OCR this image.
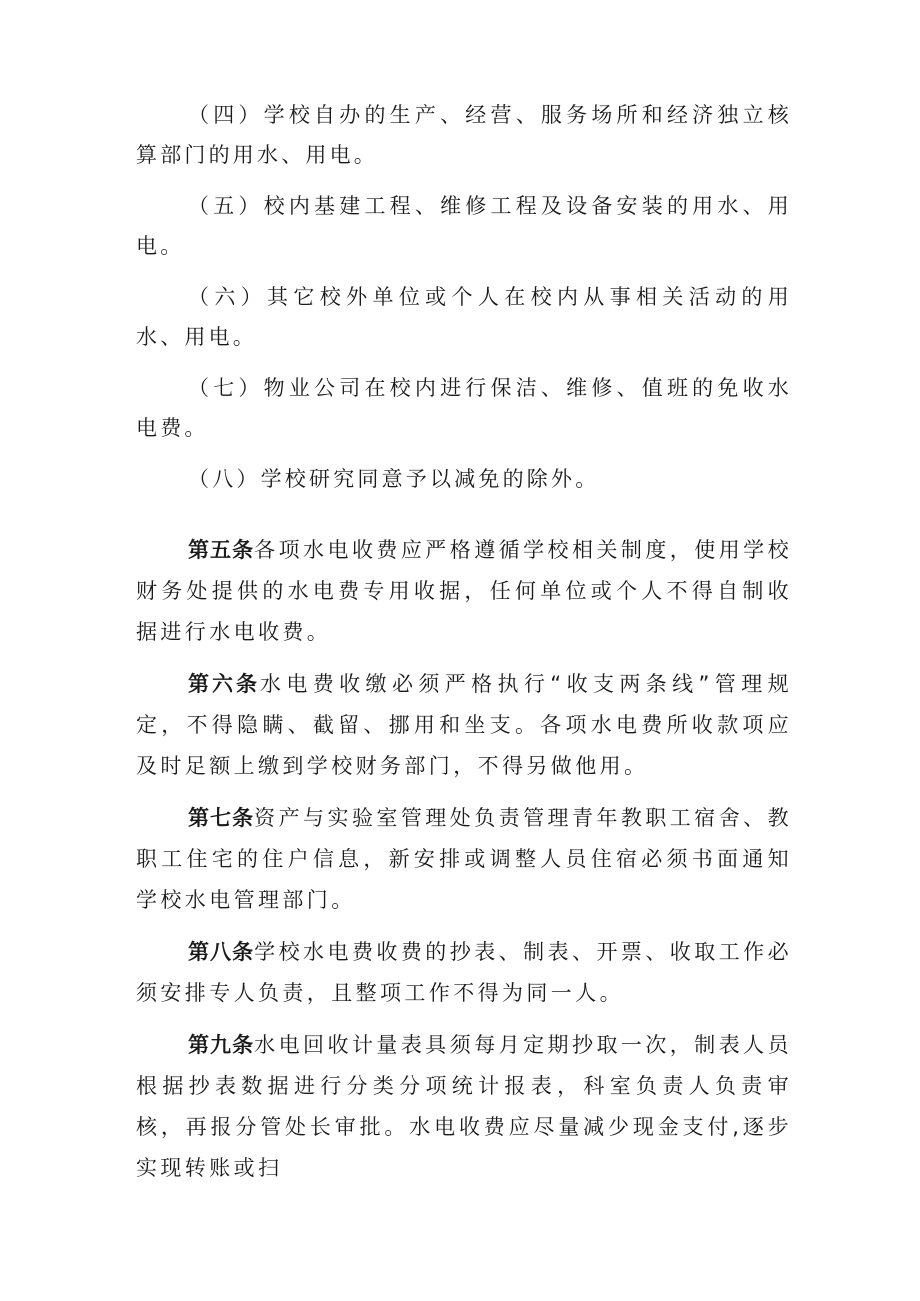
（四）学校自办的生产、经营、服务场所和经济独立核算部门的用水、用电。

（五）校内基建工程、维修工程及设备安装的用水、用电。

（六）其它校外单位或个人在校内从事相关活动的用水、用电。

（七）物业公司在校内进行保洁、维修、值班的免收水电费。

（八）学校研究同意予以减免的除外。

第五条各项水电收费应严格遵循学校相关制度，使用学校财务处提供的水电费专用收据，任何单位或个人不得自制收据进行水电收费。

第六条水电费收缴必须严格执行“收支两条线”管理规定，不得隐瞒、截留、挪用和坐支。各项水电费所收款项应及时足额上缴到学校财务部门，不得另做他用。

第七条资产与实验室管理处负责管理青年教职工宿舍、教职工住宅的住户信息，新安排或调整人员住宿必须书面通知学校水电管理部门。

第八条学校水电费收费的抄表、制表、开票、收取工作必须安排专人负责，且整项工作不得为同一人。

第九条水电回收计量表具须每月定期抄取一次，制表人员根据抄表数据进行分类分项统计报表，科室负责人负责审核，再报分管处长审批。水电收费应尽量减少现金支付,逐步实现转账或扫
